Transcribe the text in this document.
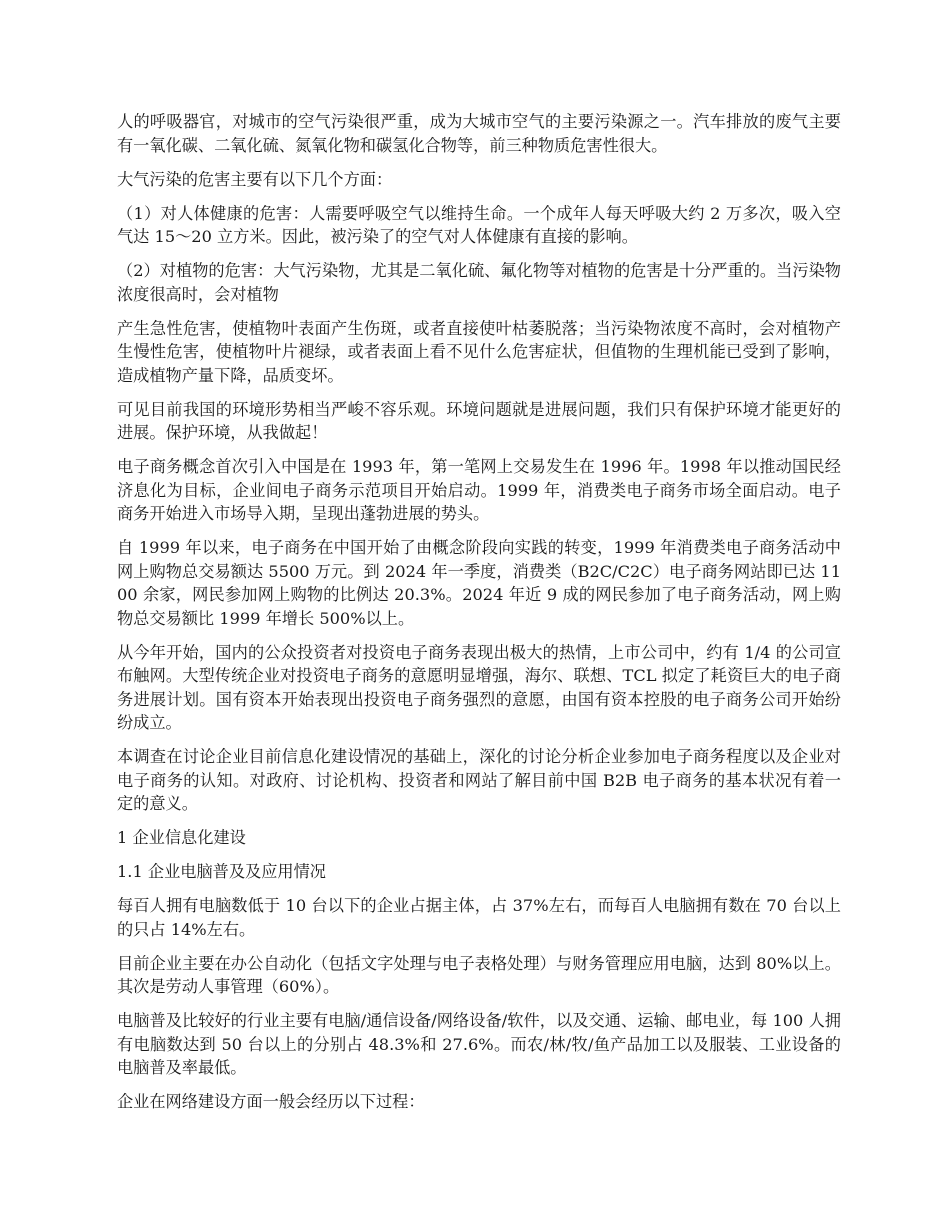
人的呼吸器官，对城市的空气污染很严重，成为大城市空气的主要污染源之一。汽车排放的废气主要有一氧化碳、二氧化硫、氮氧化物和碳氢化合物等，前三种物质危害性很大。

大气污染的危害主要有以下几个方面：

（1）对人体健康的危害：人需要呼吸空气以维持生命。一个成年人每天呼吸大约 2 万多次，吸入空气达 15～20 立方米。因此，被污染了的空气对人体健康有直接的影响。

（2）对植物的危害：大气污染物，尤其是二氧化硫、氟化物等对植物的危害是十分严重的。当污染物浓度很高时，会对植物

产生急性危害，使植物叶表面产生伤斑，或者直接使叶枯萎脱落；当污染物浓度不高时，会对植物产生慢性危害，使植物叶片褪绿，或者表面上看不见什么危害症状，但值物的生理机能已受到了影响，造成植物产量下降，品质变坏。

可见目前我国的环境形势相当严峻不容乐观。环境问题就是进展问题，我们只有保护环境才能更好的进展。保护环境，从我做起！

电子商务概念首次引入中国是在 1993 年，第一笔网上交易发生在 1996 年。1998 年以推动国民经济息化为目标，企业间电子商务示范项目开始启动。1999 年，消费类电子商务市场全面启动。电子商务开始进入市场导入期，呈现出蓬勃进展的势头。

自 1999 年以来，电子商务在中国开始了由概念阶段向实践的转变，1999 年消费类电子商务活动中网上购物总交易额达 5500 万元。到 2024 年一季度，消费类（B2C/C2C）电子商务网站即已达 1100 余家，网民参加网上购物的比例达 20.3%。2024 年近 9 成的网民参加了电子商务活动，网上购物总交易额比 1999 年增长 500%以上。

从今年开始，国内的公众投资者对投资电子商务表现出极大的热情，上市公司中，约有 1/4 的公司宣布触网。大型传统企业对投资电子商务的意愿明显增强，海尔、联想、TCL 拟定了耗资巨大的电子商务进展计划。国有资本开始表现出投资电子商务强烈的意愿，由国有资本控股的电子商务公司开始纷纷成立。

本调查在讨论企业目前信息化建设情况的基础上，深化的讨论分析企业参加电子商务程度以及企业对电子商务的认知。对政府、讨论机构、投资者和网站了解目前中国 B2B 电子商务的基本状况有着一定的意义。

1 企业信息化建设

1.1 企业电脑普及及应用情况

每百人拥有电脑数低于 10 台以下的企业占据主体，占 37%左右，而每百人电脑拥有数在 70 台以上的只占 14%左右。

目前企业主要在办公自动化（包括文字处理与电子表格处理）与财务管理应用电脑，达到 80%以上。其次是劳动人事管理（60%）。

电脑普及比较好的行业主要有电脑/通信设备/网络设备/软件，以及交通、运输、邮电业，每 100 人拥有电脑数达到 50 台以上的分别占 48.3%和 27.6%。而农/林/牧/鱼产品加工以及服装、工业设备的电脑普及率最低。

企业在网络建设方面一般会经历以下过程：
